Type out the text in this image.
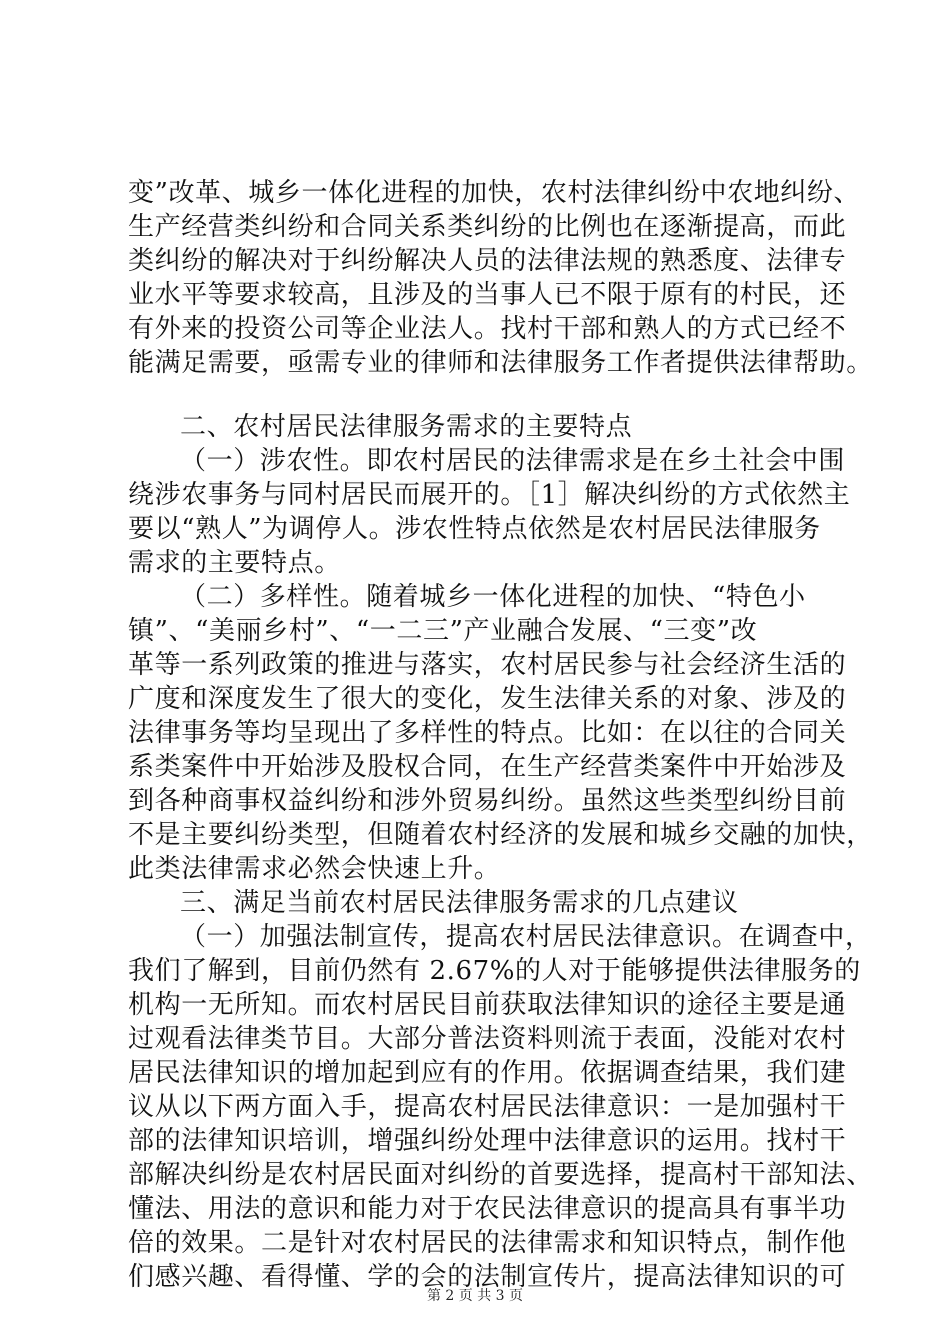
变”改革、城乡一体化进程的加快，农村法律纠纷中农地纠纷、
生产经营类纠纷和合同关系类纠纷的比例也在逐渐提高，而此
类纠纷的解决对于纠纷解决人员的法律法规的熟悉度、法律专
业水平等要求较高，且涉及的当事人已不限于原有的村民，还
有外来的投资公司等企业法人。找村干部和熟人的方式已经不
能满足需要，亟需专业的律师和法律服务工作者提供法律帮助。
二、农村居民法律服务需求的主要特点
（一）涉农性。即农村居民的法律需求是在乡土社会中围
绕涉农事务与同村居民而展开的。［1］解决纠纷的方式依然主
要以“熟人”为调停人。涉农性特点依然是农村居民法律服务
需求的主要特点。
（二）多样性。随着城乡一体化进程的加快、“特色小
镇”、“美丽乡村”、“一二三”产业融合发展、“三变”改
革等一系列政策的推进与落实，农村居民参与社会经济生活的
广度和深度发生了很大的变化，发生法律关系的对象、涉及的
法律事务等均呈现出了多样性的特点。比如：在以往的合同关
系类案件中开始涉及股权合同，在生产经营类案件中开始涉及
到各种商事权益纠纷和涉外贸易纠纷。虽然这些类型纠纷目前
不是主要纠纷类型，但随着农村经济的发展和城乡交融的加快，
此类法律需求必然会快速上升。
三、满足当前农村居民法律服务需求的几点建议
（一）加强法制宣传，提高农村居民法律意识。在调查中，
我们了解到，目前仍然有 2.67%的人对于能够提供法律服务的
机构一无所知。而农村居民目前获取法律知识的途径主要是通
过观看法律类节目。大部分普法资料则流于表面，没能对农村
居民法律知识的增加起到应有的作用。依据调查结果，我们建
议从以下两方面入手，提高农村居民法律意识：一是加强村干
部的法律知识培训，增强纠纷处理中法律意识的运用。找村干
部解决纠纷是农村居民面对纠纷的首要选择，提高村干部知法、
懂法、用法的意识和能力对于农民法律意识的提高具有事半功
倍的效果。二是针对农村居民的法律需求和知识特点，制作他
们感兴趣、看得懂、学的会的法制宣传片，提高法律知识的可
第 2 页 共 3 页
